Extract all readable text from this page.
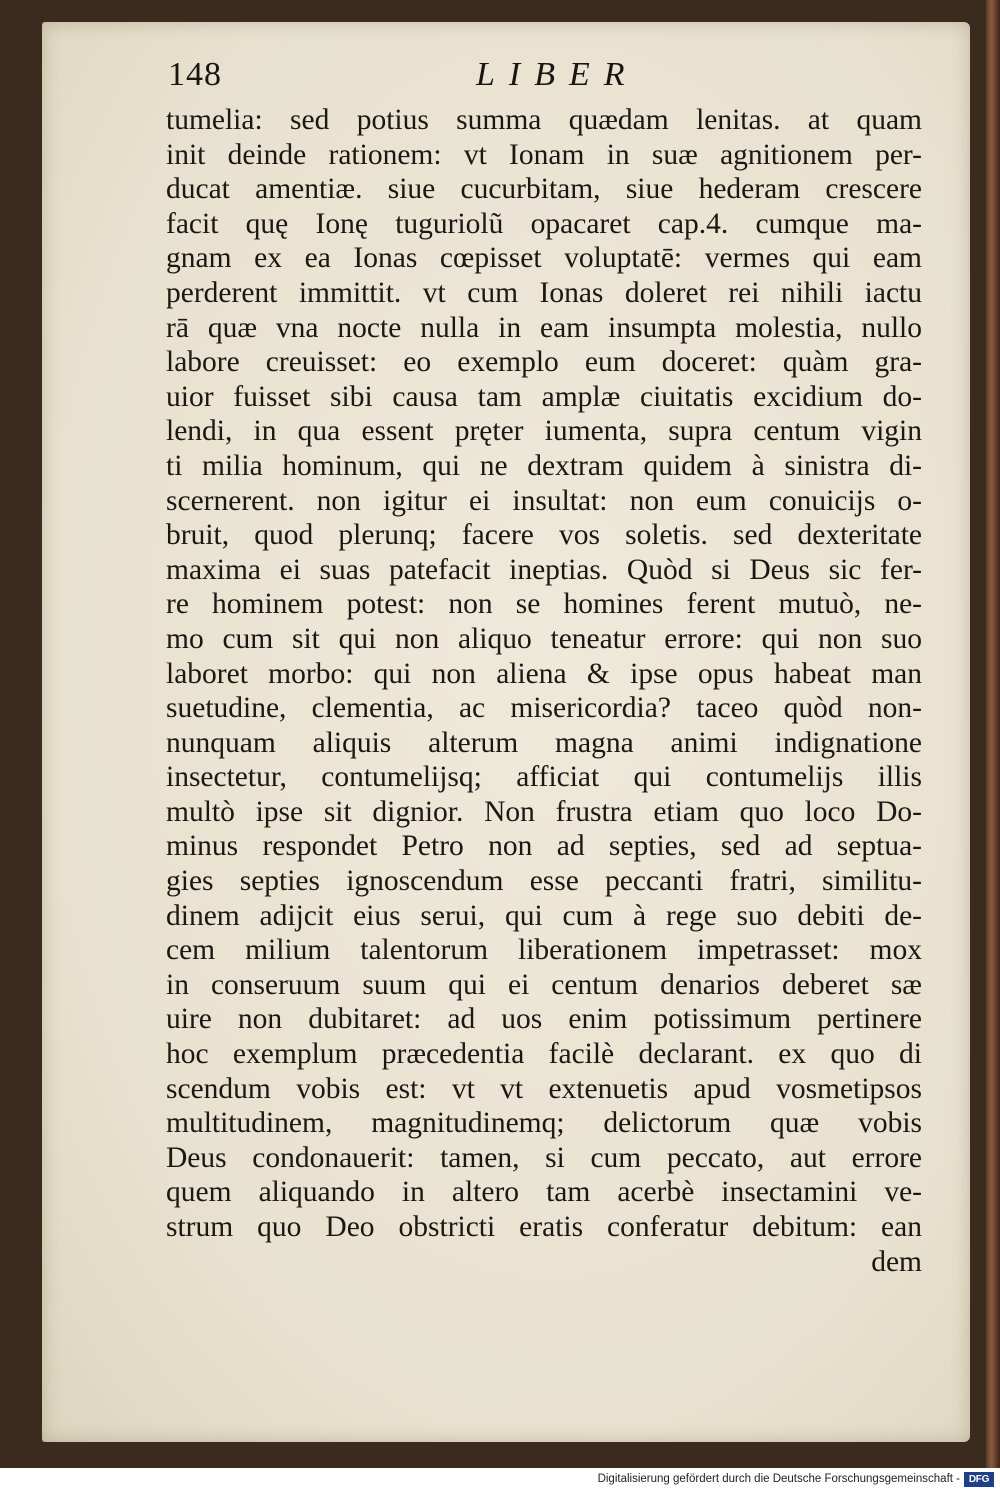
148	LIBER
tumelia: sed potius summa quædam lenitas. at quam
init deinde rationem: vt Ionam in suæ agnitionem per-
ducat amentiæ. siue cucurbitam, siue hederam crescere
facit quę Ionę tuguriolũ opacaret cap.4. cumque ma-
gnam ex ea Ionas cœpisset voluptatē: vermes qui eam
perderent immittit. vt cum Ionas doleret rei nihili iactu
rā quæ vna nocte nulla in eam insumpta molestia, nullo
labore creuisset: eo exemplo eum doceret: quàm gra-
uior fuisset sibi causa tam amplæ ciuitatis excidium do-
lendi, in qua essent pręter iumenta, supra centum vigin
ti milia hominum, qui ne dextram quidem à sinistra di-
scernerent. non igitur ei insultat: non eum conuicijs o-
bruit, quod plerunq; facere vos soletis. sed dexteritate
maxima ei suas patefacit ineptias. Quòd si Deus sic fer-
re hominem potest: non se homines ferent mutuò, ne-
mo cum sit qui non aliquo teneatur errore: qui non suo
laboret morbo: qui non aliena & ipse opus habeat man
suetudine, clementia, ac misericordia? taceo quòd non-
nunquam aliquis alterum magna animi indignatione
insectetur, contumelijsq; afficiat qui contumelijs illis
multò ipse sit dignior. Non frustra etiam quo loco Do-
minus respondet Petro non ad septies, sed ad septua-
gies septies ignoscendum esse peccanti fratri, similitu-
dinem adijcit eius serui, qui cum à rege suo debiti de-
cem milium talentorum liberationem impetrasset: mox
in conseruum suum qui ei centum denarios deberet sæ
uire non dubitaret: ad uos enim potissimum pertinere
hoc exemplum præcedentia facilè declarant. ex quo di
scendum vobis est: vt vt extenuetis apud vosmetipsos
multitudinem, magnitudinemq; delictorum quæ vobis
Deus condonauerit: tamen, si cum peccato, aut errore
quem aliquando in altero tam acerbè insectamini ve-
strum quo Deo obstricti eratis conferatur debitum: ean
dem
Digitalisierung gefördert durch die Deutsche Forschungsgemeinschaft - DFG
